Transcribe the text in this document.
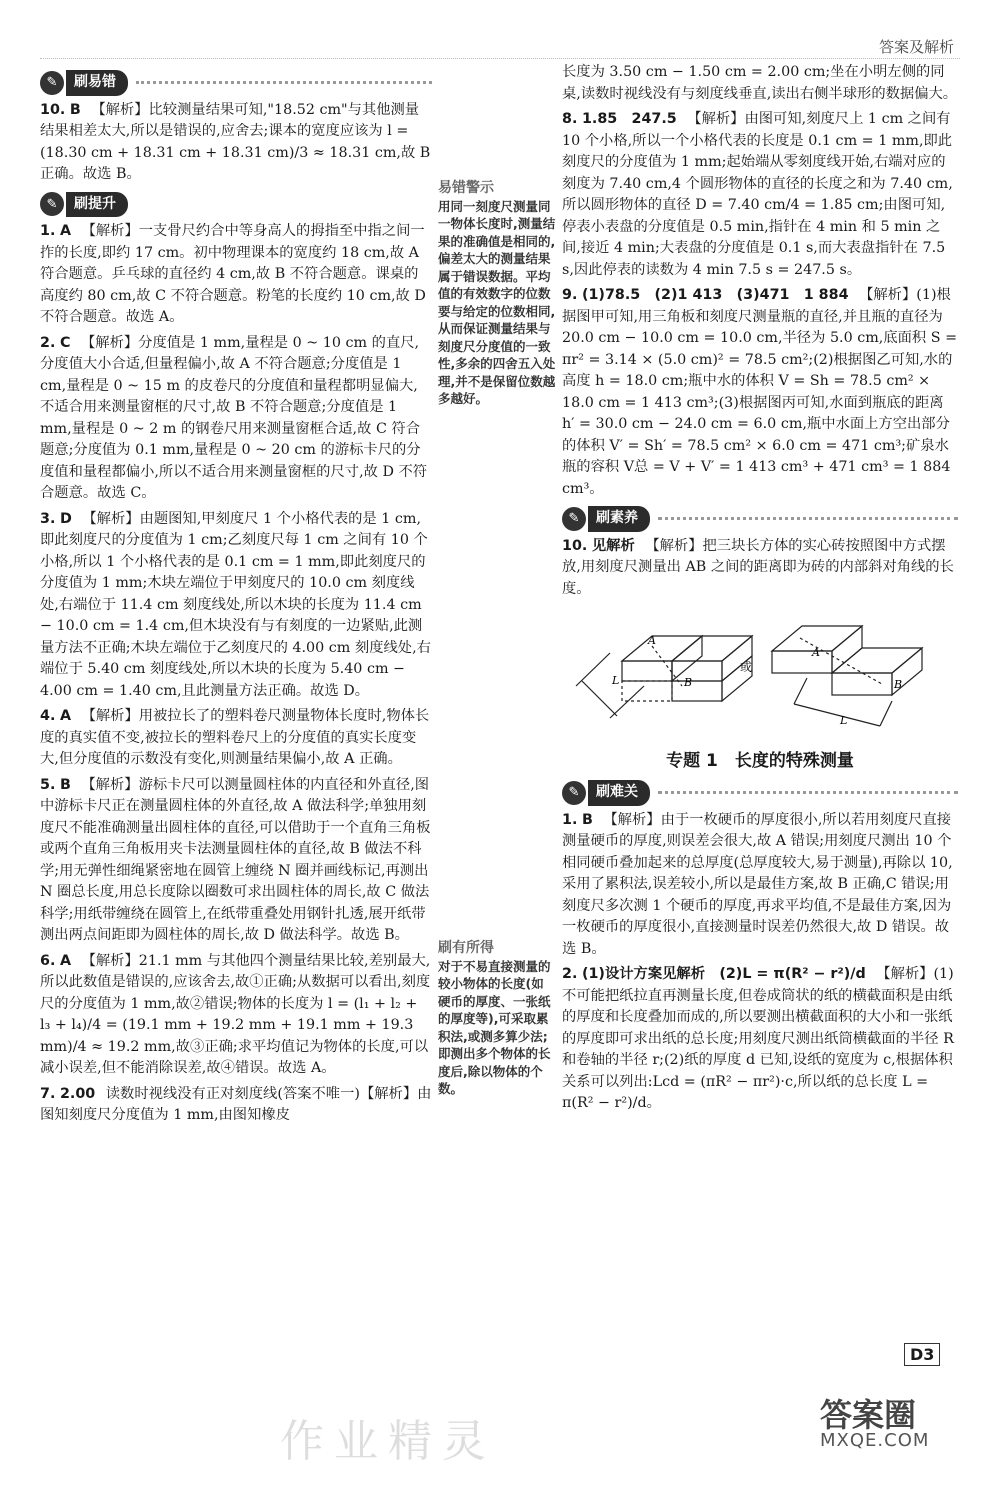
答案及解析
✎	刷易错
10. B 【解析】比较测量结果可知,"18.52 cm"与其他测量结果相差太大,所以是错误的,应舍去;课本的宽度应该为 l = (18.30 cm + 18.31 cm + 18.31 cm)/3 ≈ 18.31 cm,故 B 正确。故选 B。
✎	刷提升
1. A 【解析】一支骨尺约合中等身高人的拇指至中指之间一拃的长度,即约 17 cm。初中物理课本的宽度约 18 cm,故 A 符合题意。乒乓球的直径约 4 cm,故 B 不符合题意。课桌的高度约 80 cm,故 C 不符合题意。粉笔的长度约 10 cm,故 D 不符合题意。故选 A。
2. C 【解析】分度值是 1 mm,量程是 0 ~ 10 cm 的直尺,分度值大小合适,但量程偏小,故 A 不符合题意;分度值是 1 cm,量程是 0 ~ 15 m 的皮卷尺的分度值和量程都明显偏大,不适合用来测量窗框的尺寸,故 B 不符合题意;分度值是 1 mm,量程是 0 ~ 2 m 的钢卷尺用来测量窗框合适,故 C 符合题意;分度值为 0.1 mm,量程是 0 ~ 20 cm 的游标卡尺的分度值和量程都偏小,所以不适合用来测量窗框的尺寸,故 D 不符合题意。故选 C。
3. D 【解析】由题图知,甲刻度尺 1 个小格代表的是 1 cm,即此刻度尺的分度值为 1 cm;乙刻度尺每 1 cm 之间有 10 个小格,所以 1 个小格代表的是 0.1 cm = 1 mm,即此刻度尺的分度值为 1 mm;木块左端位于甲刻度尺的 10.0 cm 刻度线处,右端位于 11.4 cm 刻度线处,所以木块的长度为 11.4 cm − 10.0 cm = 1.4 cm,但木块没有与有刻度的一边紧贴,此测量方法不正确;木块左端位于乙刻度尺的 4.00 cm 刻度线处,右端位于 5.40 cm 刻度线处,所以木块的长度为 5.40 cm − 4.00 cm = 1.40 cm,且此测量方法正确。故选 D。
4. A 【解析】用被拉长了的塑料卷尺测量物体长度时,物体长度的真实值不变,被拉长的塑料卷尺上的分度值的真实长度变大,但分度值的示数没有变化,则测量结果偏小,故 A 正确。
5. B 【解析】游标卡尺可以测量圆柱体的内直径和外直径,图中游标卡尺正在测量圆柱体的外直径,故 A 做法科学;单独用刻度尺不能准确测量出圆柱体的直径,可以借助于一个直角三角板或两个直角三角板用夹卡法测量圆柱体的直径,故 B 做法不科学;用无弹性细绳紧密地在圆管上缠绕 N 圈并画线标记,再测出 N 圈总长度,用总长度除以圈数可求出圆柱体的周长,故 C 做法科学;用纸带缠绕在圆管上,在纸带重叠处用钢针扎透,展开纸带测出两点间距即为圆柱体的周长,故 D 做法科学。故选 B。
6. A 【解析】21.1 mm 与其他四个测量结果比较,差别最大,所以此数值是错误的,应该舍去,故①正确;从数据可以看出,刻度尺的分度值为 1 mm,故②错误;物体的长度为 l = (l₁ + l₂ + l₃ + l₄)/4 = (19.1 mm + 19.2 mm + 19.1 mm + 19.3 mm)/4 ≈ 19.2 mm,故③正确;求平均值记为物体的长度,可以减小误差,但不能消除误差,故④错误。故选 A。
7. 2.00 读数时视线没有正对刻度线(答案不唯一)【解析】由图知刻度尺分度值为 1 mm,由图知橡皮
易错警示
用同一刻度尺测量同一物体长度时,测量结果的准确值是相同的,偏差太大的测量结果属于错误数据。平均值的有效数字的位数要与给定的位数相同,从而保证测量结果与刻度尺分度值的一致性,多余的四舍五入处理,并不是保留位数越多越好。
刷有所得
对于不易直接测量的较小物体的长度(如硬币的厚度、一张纸的厚度等),可采取累积法,或测多算少法;即测出多个物体的长度后,除以物体的个数。
长度为 3.50 cm − 1.50 cm = 2.00 cm;坐在小明左侧的同桌,读数时视线没有与刻度线垂直,读出右侧半球形的数据偏大。
8. 1.85　247.5 【解析】由图可知,刻度尺上 1 cm 之间有 10 个小格,所以一个小格代表的长度是 0.1 cm = 1 mm,即此刻度尺的分度值为 1 mm;起始端从零刻度线开始,右端对应的刻度为 7.40 cm,4 个圆形物体的直径的长度之和为 7.40 cm,所以圆形物体的直径 D = 7.40 cm/4 = 1.85 cm;由图可知,停表小表盘的分度值是 0.5 min,指针在 4 min 和 5 min 之间,接近 4 min;大表盘的分度值是 0.1 s,而大表盘指针在 7.5 s,因此停表的读数为 4 min 7.5 s = 247.5 s。
9. (1)78.5　(2)1 413　(3)471　1 884 【解析】(1)根据图甲可知,用三角板和刻度尺测量瓶的直径,并且瓶的直径为 20.0 cm − 10.0 cm = 10.0 cm,半径为 5.0 cm,底面积 S = πr² = 3.14 × (5.0 cm)² = 78.5 cm²;(2)根据图乙可知,水的高度 h = 18.0 cm;瓶中水的体积 V = Sh = 78.5 cm² × 18.0 cm = 1 413 cm³;(3)根据图丙可知,水面到瓶底的距离 h′ = 30.0 cm − 24.0 cm = 6.0 cm,瓶中水面上方空出部分的体积 V′ = Sh′ = 78.5 cm² × 6.0 cm = 471 cm³;矿泉水瓶的容积 V总 = V + V′ = 1 413 cm³ + 471 cm³ = 1 884 cm³。
✎	刷素养
10. 见解析 【解析】把三块长方体的实心砖按照图中方式摆放,用刻度尺测量出 AB 之间的距离即为砖的内部斜对角线的长度。
A
B
L
或
A
B
L
专题 1　长度的特殊测量
✎	刷难关
1. B 【解析】由于一枚硬币的厚度很小,所以若用刻度尺直接测量硬币的厚度,则误差会很大,故 A 错误;用刻度尺测出 10 个相同硬币叠加起来的总厚度(总厚度较大,易于测量),再除以 10,采用了累积法,误差较小,所以是最佳方案,故 B 正确,C 错误;用刻度尺多次测 1 个硬币的厚度,再求平均值,不是最佳方案,因为一枚硬币的厚度很小,直接测量时误差仍然很大,故 D 错误。故选 B。
2. (1)设计方案见解析　(2)L = π(R² − r²)/d 【解析】(1)不可能把纸拉直再测量长度,但卷成筒状的纸的横截面积是由纸的厚度和长度叠加而成的,所以要测出横截面积的大小和一张纸的厚度即可求出纸的总长度;用刻度尺测出纸筒横截面的半径 R 和卷轴的半径 r;(2)纸的厚度 d 已知,设纸的宽度为 c,根据体积关系可以列出:Lcd = (πR² − πr²)·c,所以纸的总长度 L = π(R² − r²)/d。
D3
作业精灵
答案圈
MXQE.COM
